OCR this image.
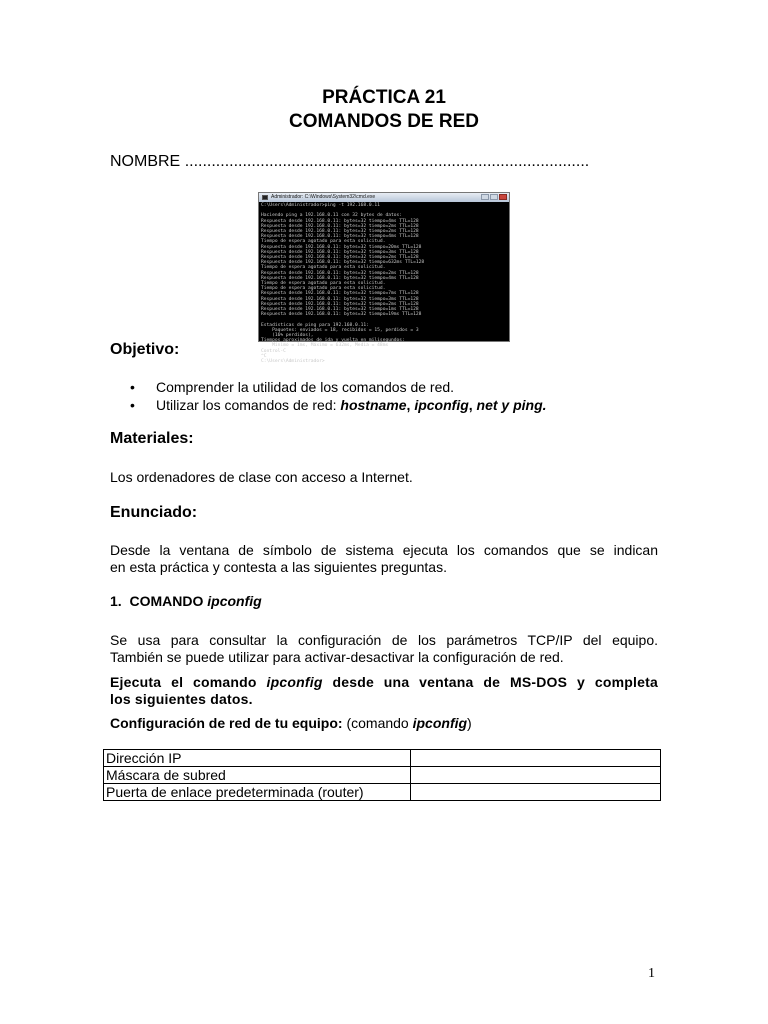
PRÁCTICA 21
COMANDOS DE RED
NOMBRE ...........................................................................................
Administrador: C:\Windows\System32\cmd.exe
C:\Users\Administrador>ping -t 192.168.0.11

Haciendo ping a 192.168.0.11 con 32 bytes de datos:
Respuesta desde 192.168.0.11: bytes=32 tiempo=4ms TTL=128
Respuesta desde 192.168.0.11: bytes=32 tiempo=2ms TTL=128
Respuesta desde 192.168.0.11: bytes=32 tiempo=2ms TTL=128
Respuesta desde 192.168.0.11: bytes=32 tiempo=4ms TTL=128
Tiempo de espera agotado para esta solicitud.
Respuesta desde 192.168.0.11: bytes=32 tiempo=20ms TTL=128
Respuesta desde 192.168.0.11: bytes=32 tiempo=3ms TTL=128
Respuesta desde 192.168.0.11: bytes=32 tiempo=2ms TTL=128
Respuesta desde 192.168.0.11: bytes=32 tiempo=632ms TTL=128
Tiempo de espera agotado para esta solicitud.
Respuesta desde 192.168.0.11: bytes=32 tiempo=2ms TTL=128
Respuesta desde 192.168.0.11: bytes=32 tiempo=4ms TTL=128
Tiempo de espera agotado para esta solicitud.
Tiempo de espera agotado para esta solicitud.
Respuesta desde 192.168.0.11: bytes=32 tiempo=7ms TTL=128
Respuesta desde 192.168.0.11: bytes=32 tiempo=3ms TTL=128
Respuesta desde 192.168.0.11: bytes=32 tiempo=2ms TTL=128
Respuesta desde 192.168.0.11: bytes=32 tiempo=1ms TTL=128
Respuesta desde 192.168.0.11: bytes=32 tiempo=19ms TTL=128

Estadísticas de ping para 192.168.0.11:
Paquetes: enviados = 18, recibidos = 15, perdidos = 3
(16% perdidos),
Tiempos aproximados de ida y vuelta en milisegundos:
Mínimo = 1ms, Máximo = 632ms, Media = 48ms
Control-C
^C
C:\Users\Administrador>
Objetivo:
• Comprender la utilidad de los comandos de red.
• Utilizar los comandos de red: hostname, ipconfig, net y ping.
Materiales:
Los ordenadores de clase con acceso a Internet.
Enunciado:
Desde la ventana de símbolo de sistema ejecuta los comandos que se indican
en esta práctica y contesta a las siguientes preguntas.
1. COMANDO ipconfig
Se usa para consultar la configuración de los parámetros TCP/IP del equipo.
También se puede utilizar para activar-desactivar la configuración de red.
Ejecuta el comando ipconfig desde una ventana de MS-DOS y completa
los siguientes datos.
Configuración de red de tu equipo: (comando ipconfig)
Dirección IP	
Máscara de subred	
Puerta de enlace predeterminada (router)	
1
